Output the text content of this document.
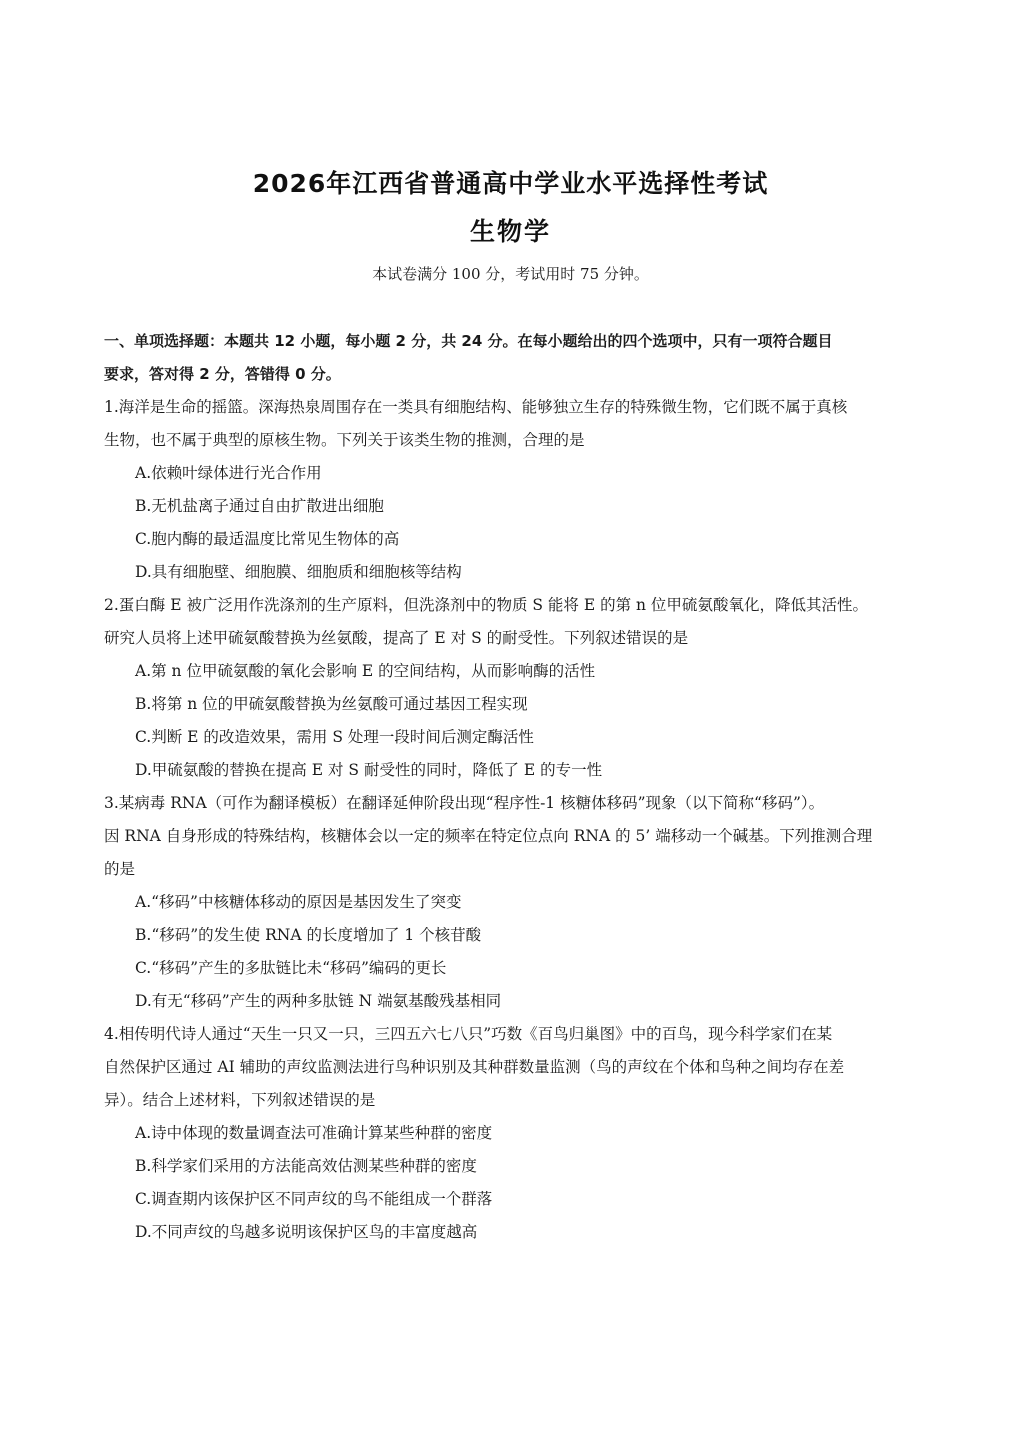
2026年江西省普通高中学业水平选择性考试
生物学
本试卷满分 100 分，考试用时 75 分钟。
一、单项选择题：本题共 12 小题，每小题 2 分，共 24 分。在每小题给出的四个选项中，只有一项符合题目
要求，答对得 2 分，答错得 0 分。
1.海洋是生命的摇篮。深海热泉周围存在一类具有细胞结构、能够独立生存的特殊微生物，它们既不属于真核
生物，也不属于典型的原核生物。下列关于该类生物的推测，合理的是
A.依赖叶绿体进行光合作用
B.无机盐离子通过自由扩散进出细胞
C.胞内酶的最适温度比常见生物体的高
D.具有细胞壁、细胞膜、细胞质和细胞核等结构
2.蛋白酶 E 被广泛用作洗涤剂的生产原料，但洗涤剂中的物质 S 能将 E 的第 n 位甲硫氨酸氧化，降低其活性。
研究人员将上述甲硫氨酸替换为丝氨酸，提高了 E 对 S 的耐受性。下列叙述错误的是
A.第 n 位甲硫氨酸的氧化会影响 E 的空间结构，从而影响酶的活性
B.将第 n 位的甲硫氨酸替换为丝氨酸可通过基因工程实现
C.判断 E 的改造效果，需用 S 处理一段时间后测定酶活性
D.甲硫氨酸的替换在提高 E 对 S 耐受性的同时，降低了 E 的专一性
3.某病毒 RNA（可作为翻译模板）在翻译延伸阶段出现“程序性-1 核糖体移码”现象（以下简称“移码”）。
因 RNA 自身形成的特殊结构，核糖体会以一定的频率在特定位点向 RNA 的 5’ 端移动一个碱基。下列推测合理
的是
A.“移码”中核糖体移动的原因是基因发生了突变
B.“移码”的发生使 RNA 的长度增加了 1 个核苷酸
C.“移码”产生的多肽链比未“移码”编码的更长
D.有无“移码”产生的两种多肽链 N 端氨基酸残基相同
4.相传明代诗人通过“天生一只又一只，三四五六七八只”巧数《百鸟归巢图》中的百鸟，现今科学家们在某
自然保护区通过 AI 辅助的声纹监测法进行鸟种识别及其种群数量监测（鸟的声纹在个体和鸟种之间均存在差
异）。结合上述材料，下列叙述错误的是
A.诗中体现的数量调查法可准确计算某些种群的密度
B.科学家们采用的方法能高效估测某些种群的密度
C.调查期内该保护区不同声纹的鸟不能组成一个群落
D.不同声纹的鸟越多说明该保护区鸟的丰富度越高
